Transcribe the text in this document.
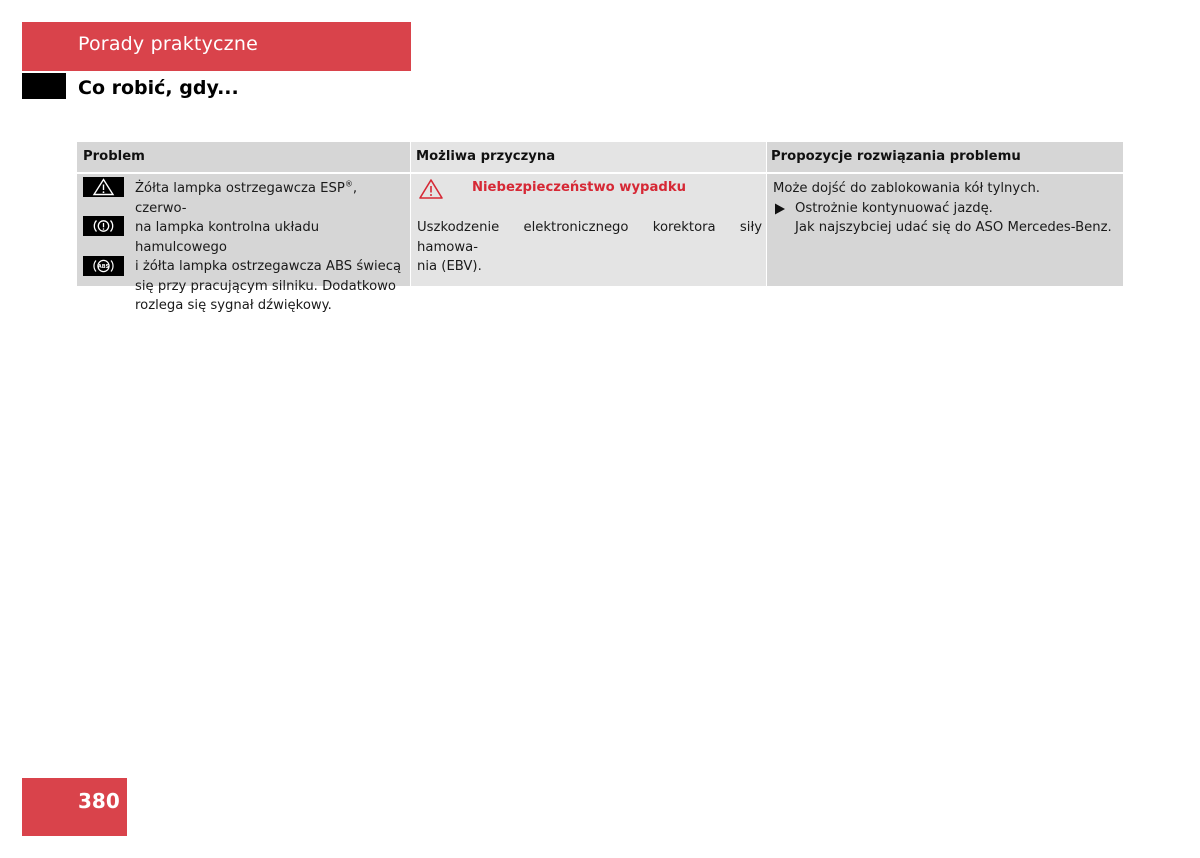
Porady praktyczne
Co robić, gdy...
Problem	Możliwa przyczyna	Propozycje rozwiązania problemu
ABS
Żółta lampka ostrzegawcza ESP®, czerwo-
na lampka kontrolna układu hamulcowego
i żółta lampka ostrzegawcza ABS świecą
się przy pracującym silniku. Dodatkowo
rozlega się sygnał dźwiękowy.
Niebezpieczeństwo wypadku
Uszkodzenie elektronicznego korektora siły hamowa-
nia (EBV).
Może dojść do zablokowania kół tylnych.
Ostrożnie kontynuować jazdę.
Jak najszybciej udać się do ASO Mercedes-Benz.
380
